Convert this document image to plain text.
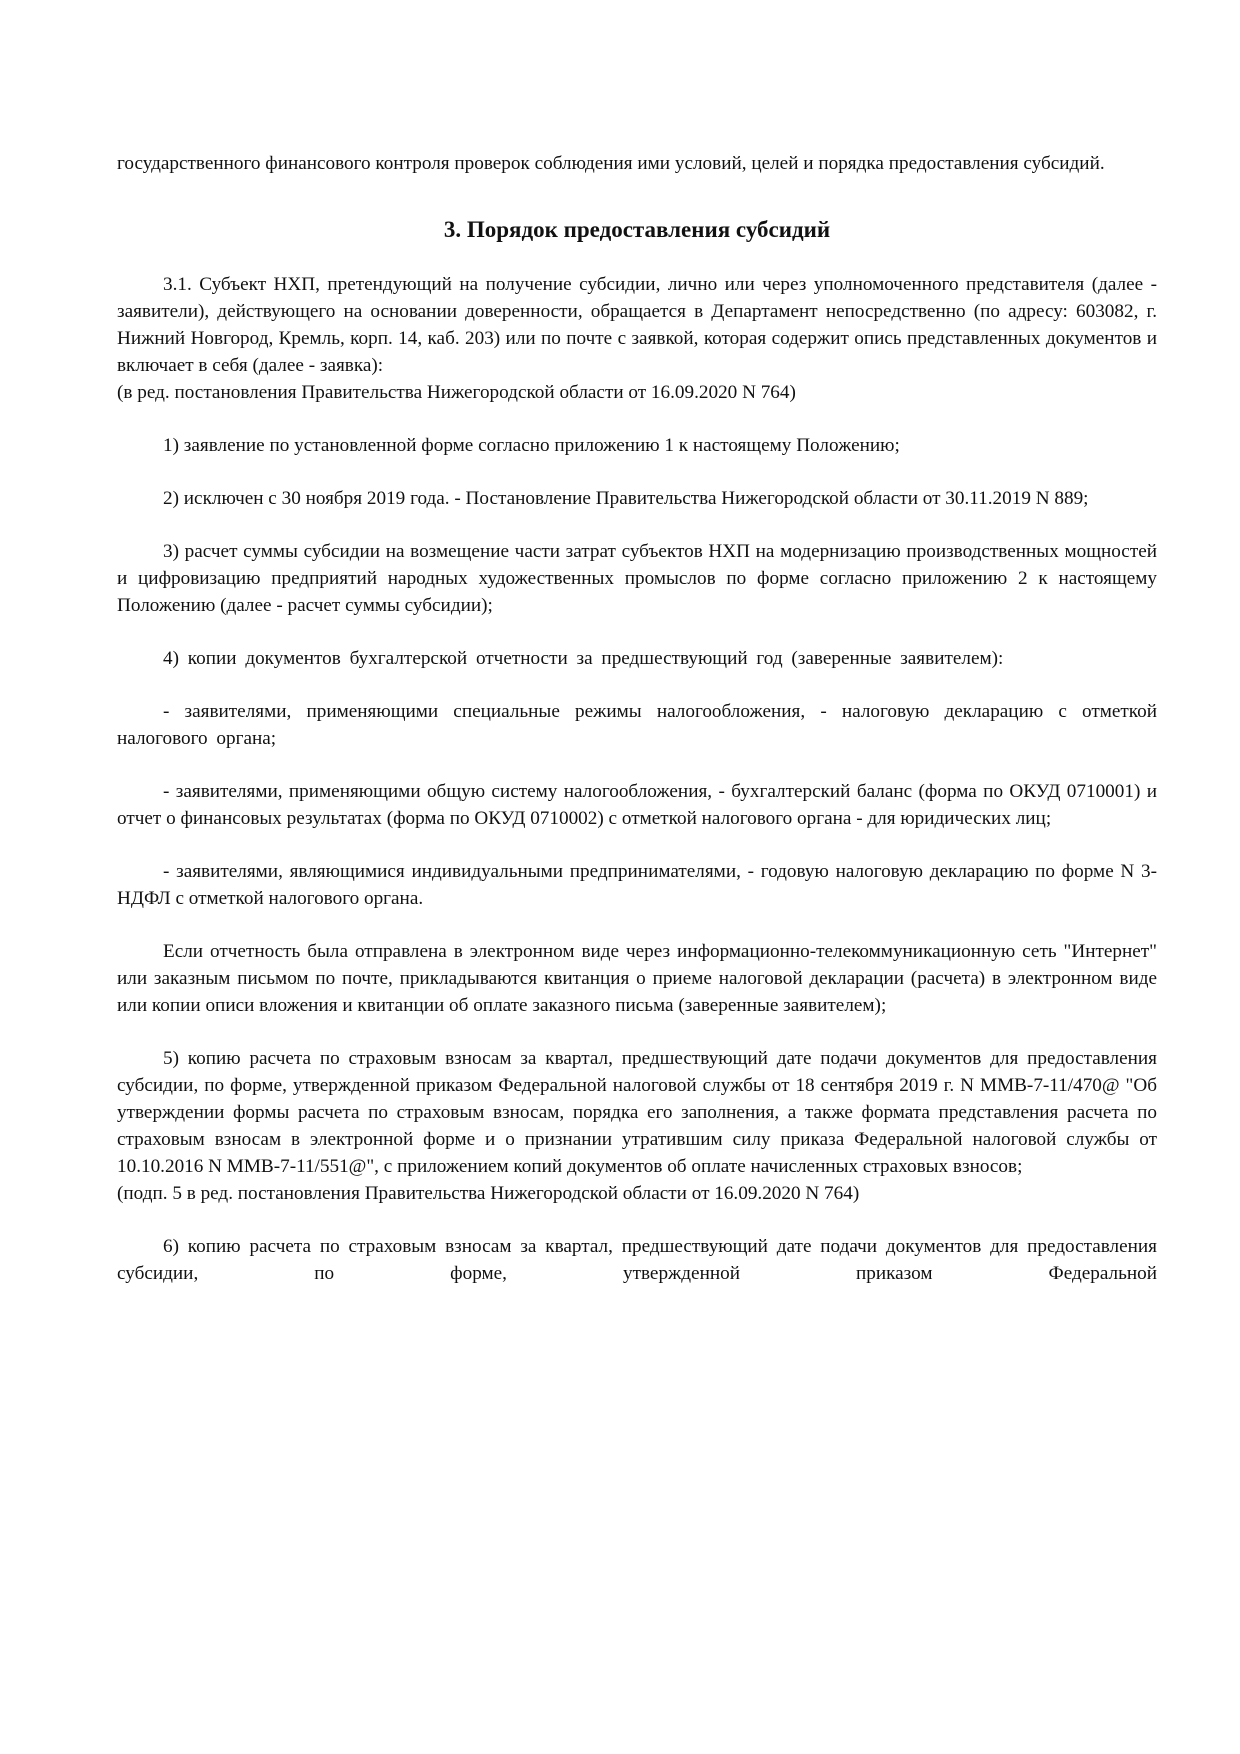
государственного финансового контроля проверок соблюдения ими условий, целей и порядка предоставления субсидий.

3. Порядок предоставления субсидий

3.1. Субъект НХП, претендующий на получение субсидии, лично или через уполномоченного представителя (далее - заявители), действующего на основании доверенности, обращается в Департамент непосредственно (по адресу: 603082, г. Нижний Новгород, Кремль, корп. 14, каб. 203) или по почте с заявкой, которая содержит опись представленных документов и включает в себя (далее - заявка):

(в ред. постановления Правительства Нижегородской области от 16.09.2020 N 764)

1) заявление по установленной форме согласно приложению 1 к настоящему Положению;

2) исключен с 30 ноября 2019 года. - Постановление Правительства Нижегородской области от 30.11.2019 N 889;

3) расчет суммы субсидии на возмещение части затрат субъектов НХП на модернизацию производственных мощностей и цифровизацию предприятий народных художественных промыслов по форме согласно приложению 2 к настоящему Положению (далее - расчет суммы субсидии);

4) копии документов бухгалтерской отчетности за предшествующий год (заверенные заявителем):

- заявителями, применяющими специальные режимы налогообложения, - налоговую декларацию с отметкой налогового органа;

- заявителями, применяющими общую систему налогообложения, - бухгалтерский баланс (форма по ОКУД 0710001) и отчет о финансовых результатах (форма по ОКУД 0710002) с отметкой налогового органа - для юридических лиц;

- заявителями, являющимися индивидуальными предпринимателями, - годовую налоговую декларацию по форме N 3-НДФЛ с отметкой налогового органа.

Если отчетность была отправлена в электронном виде через информационно-телекоммуникационную сеть "Интернет" или заказным письмом по почте, прикладываются квитанция о приеме налоговой декларации (расчета) в электронном виде или копии описи вложения и квитанции об оплате заказного письма (заверенные заявителем);

5) копию расчета по страховым взносам за квартал, предшествующий дате подачи документов для предоставления субсидии, по форме, утвержденной приказом Федеральной налоговой службы от 18 сентября 2019 г. N ММВ-7-11/470@ "Об утверждении формы расчета по страховым взносам, порядка его заполнения, а также формата представления расчета по страховым взносам в электронной форме и о признании утратившим силу приказа Федеральной налоговой службы от 10.10.2016 N ММВ-7-11/551@", с приложением копий документов об оплате начисленных страховых взносов;

(подп. 5 в ред. постановления Правительства Нижегородской области от 16.09.2020 N 764)

6) копию расчета по страховым взносам за квартал, предшествующий дате подачи документов для предоставления субсидии, по форме, утвержденной приказом Федеральной
